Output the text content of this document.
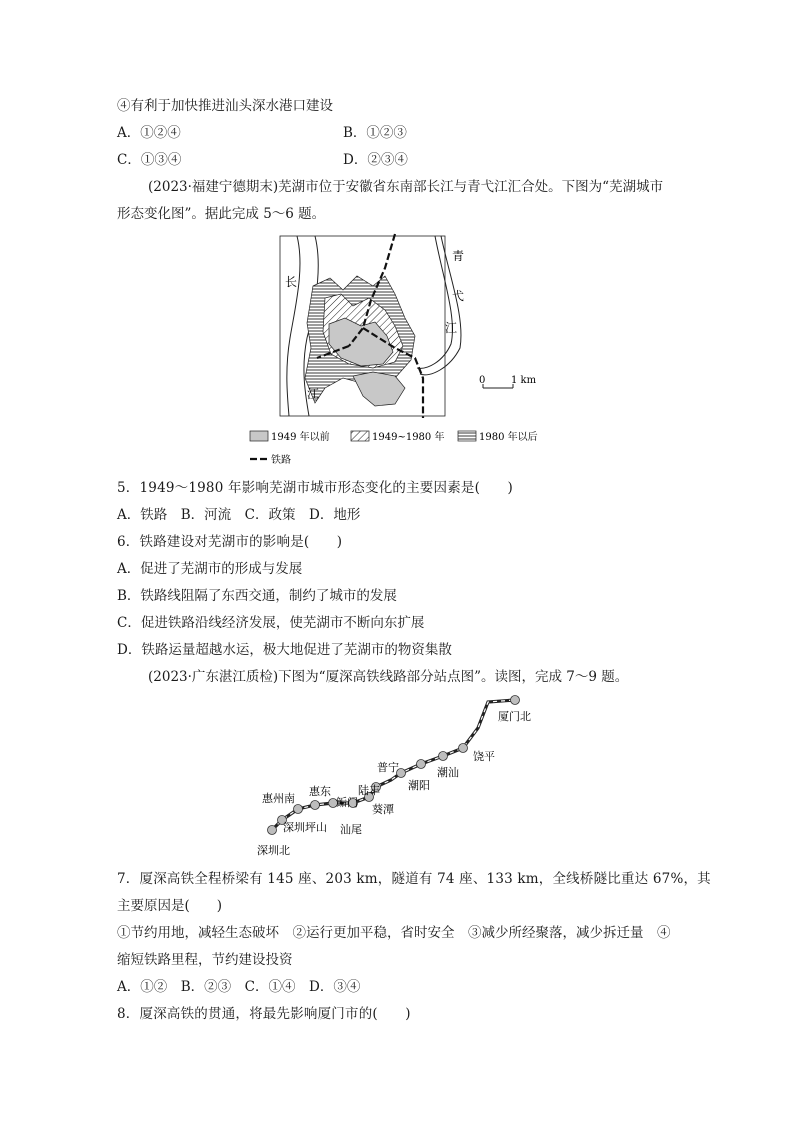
④有利于加快推进汕头深水港口建设
A．①②④	B．①②③
C．①③④	D．②③④
(2023·福建宁德期末)芜湖市位于安徽省东南部长江与青弋江汇合处。下图为“芜湖城市
形态变化图”。据此完成 5～6 题。
长
江
青
弋
江
0	1 km
1949 年以前	1949~1980 年	1980 年以后
铁路
5．1949～1980 年影响芜湖市城市形态变化的主要因素是(　　)
A．铁路　B．河流　C．政策　D．地形
6．铁路建设对芜湖市的影响是(　　)
A．促进了芜湖市的形成与发展
B．铁路线阻隔了东西交通，制约了城市的发展
C．促进铁路沿线经济发展，使芜湖市不断向东扩展
D．铁路运量超越水运，极大地促进了芜湖市的物资集散
(2023·广东湛江质检)下图为“厦深高铁线路部分站点图”。读图，完成 7～9 题。
厦门北
饶平
潮汕
潮阳
普宁
葵潭
陆丰
鲘门
汕尾
惠东
惠州南
深圳坪山
深圳北
7．厦深高铁全程桥梁有 145 座、203 km，隧道有 74 座、133 km，全线桥隧比重达 67%，其
主要原因是(　　)
①节约用地，减轻生态破坏　②运行更加平稳，省时安全　③减少所经聚落，减少拆迁量　④
缩短铁路里程，节约建设投资
A．①②　B．②③　C．①④　D．③④
8．厦深高铁的贯通，将最先影响厦门市的(　　)
